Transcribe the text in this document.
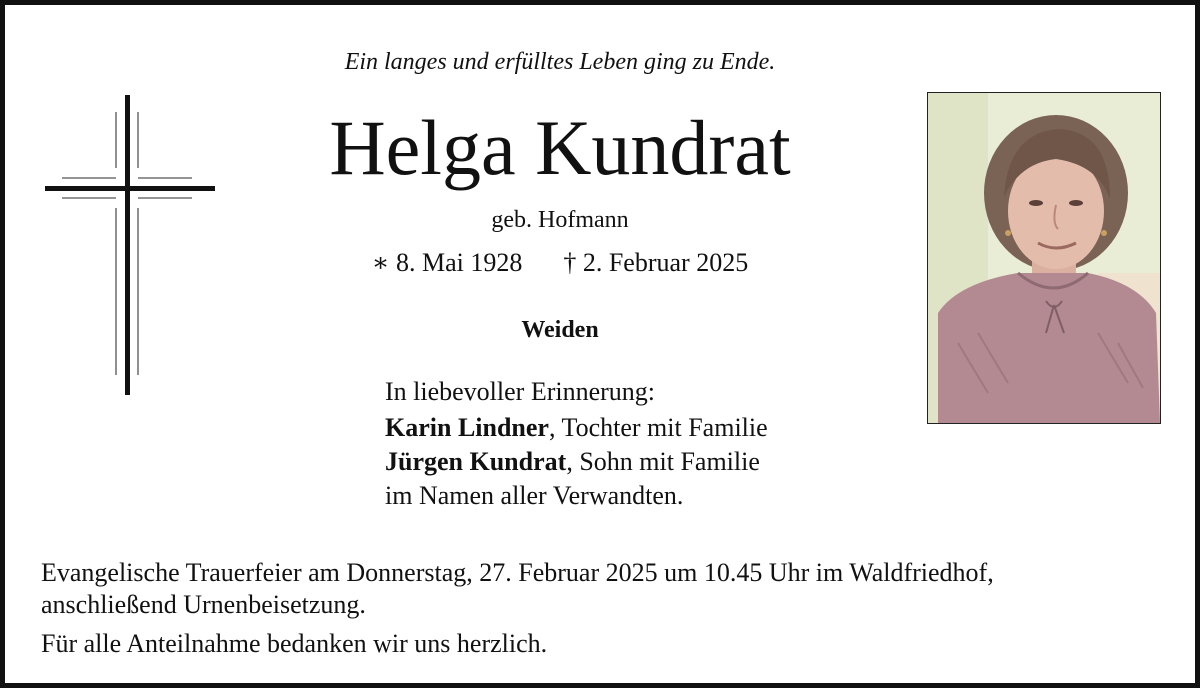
Ein langes und erfülltes Leben ging zu Ende.
Helga Kundrat
geb. Hofmann
∗ 8. Mai 1928 † 2. Februar 2025
Weiden
In liebevoller Erinnerung:
Karin Lindner, Tochter mit Familie
Jürgen Kundrat, Sohn mit Familie
im Namen aller Verwandten.
Evangelische Trauerfeier am Donnerstag, 27. Februar 2025 um 10.45 Uhr im Waldfriedhof,
anschließend Urnenbeisetzung.
Für alle Anteilnahme bedanken wir uns herzlich.
